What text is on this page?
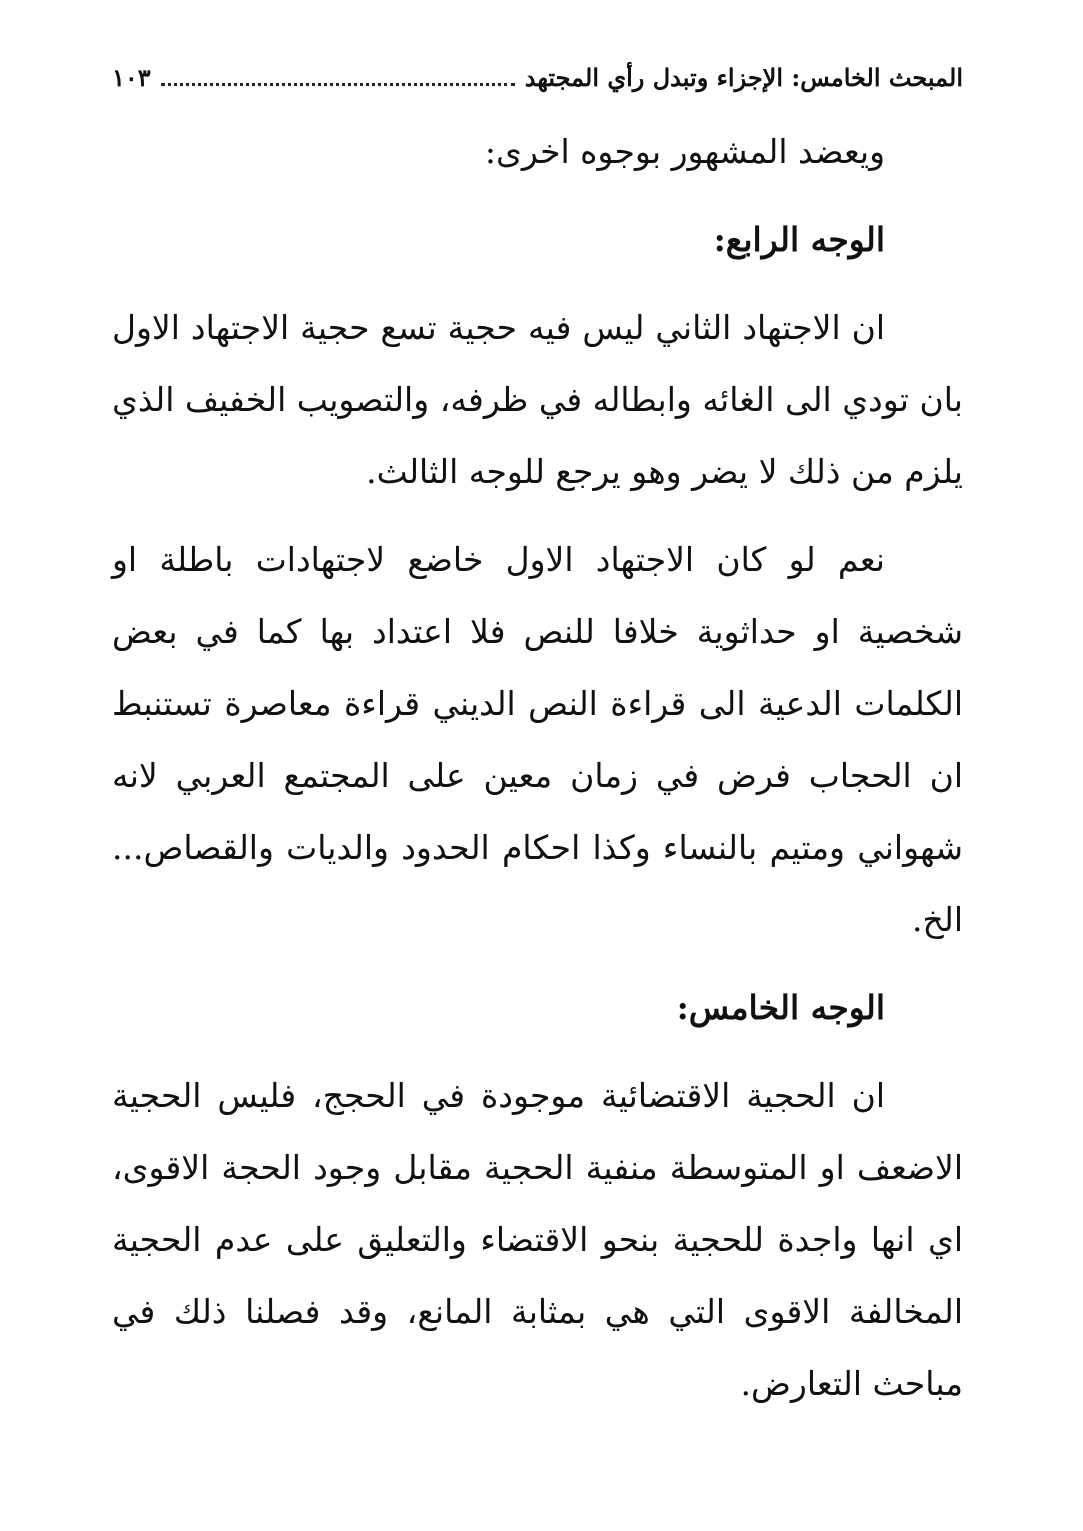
المبحث الخامس: الإجزاء وتبدل رأي المجتهد
١٠٣

ويعضد المشهور بوجوه اخرى:

الوجه الرابع:

ان الاجتهاد الثاني ليس فيه حجية تسع حجية الاجتهاد الاول بان تودي الى الغائه وابطاله في ظرفه، والتصويب الخفيف الذي يلزم من ذلك لا يضر وهو يرجع للوجه الثالث.

نعم لو كان الاجتهاد الاول خاضع لاجتهادات باطلة او شخصية او حداثوية خلافا للنص فلا اعتداد بها كما في بعض الكلمات الدعية الى قراءة النص الديني قراءة معاصرة تستنبط ان الحجاب فرض في زمان معين على المجتمع العربي لانه شهواني ومتيم بالنساء وكذا احكام الحدود والديات والقصاص... الخ.

الوجه الخامس:

ان الحجية الاقتضائية موجودة في الحجج، فليس الحجية الاضعف او المتوسطة منفية الحجية مقابل وجود الحجة الاقوى، اي انها واجدة للحجية بنحو الاقتضاء والتعليق على عدم الحجية المخالفة الاقوى التي هي بمثابة المانع، وقد فصلنا ذلك في مباحث التعارض.
